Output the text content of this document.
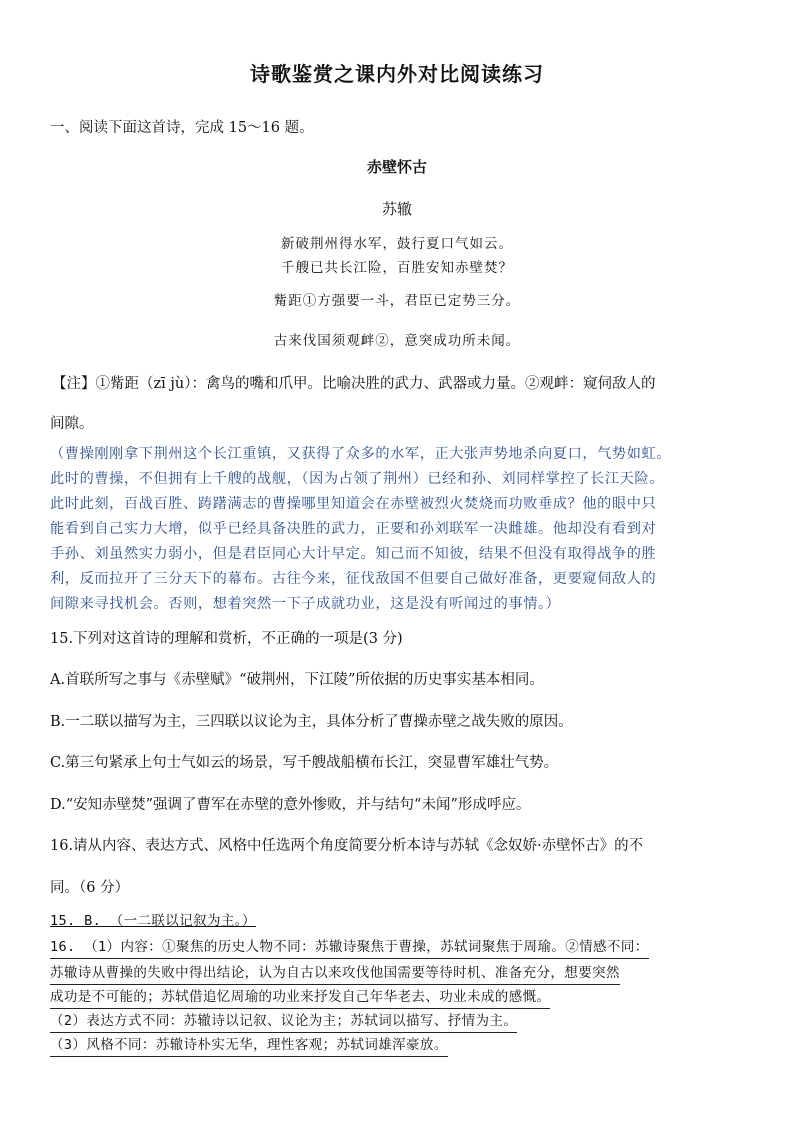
诗歌鉴赏之课内外对比阅读练习
一、阅读下面这首诗，完成 15～16 题。
赤壁怀古
苏辙
新破荆州得水军，鼓行夏口气如云。
千艘已共长江险，百胜安知赤壁焚？
觜距①方强要一斗，君臣已定势三分。
古来伐国须观衅②，意突成功所未闻。
【注】①觜距（zī jù）：禽鸟的嘴和爪甲。比喻决胜的武力、武器或力量。②观衅：窥伺敌人的
间隙。
（曹操刚刚拿下荆州这个长江重镇，又获得了众多的水军，正大张声势地杀向夏口，气势如虹。
此时的曹操，不但拥有上千艘的战舰，（因为占领了荆州）已经和孙、刘同样掌控了长江天险。
此时此刻，百战百胜、踌躇满志的曹操哪里知道会在赤壁被烈火焚烧而功败垂成？他的眼中只
能看到自己实力大增，似乎已经具备决胜的武力，正要和孙刘联军一决雌雄。他却没有看到对
手孙、刘虽然实力弱小，但是君臣同心大计早定。知己而不知彼，结果不但没有取得战争的胜
利，反而拉开了三分天下的幕布。古往今来，征伐敌国不但要自己做好准备，更要窥伺敌人的
间隙来寻找机会。否则，想着突然一下子成就功业，这是没有听闻过的事情。）
15.下列对这首诗的理解和赏析，不正确的一项是(3 分)
A.首联所写之事与《赤壁赋》“破荆州，下江陵”所依据的历史事实基本相同。
B.一二联以描写为主，三四联以议论为主，具体分析了曹操赤壁之战失败的原因。
C.第三句紧承上句士气如云的场景，写千艘战船横布长江，突显曹军雄壮气势。
D.“安知赤壁焚”强调了曹军在赤壁的意外惨败，并与结句“未闻”形成呼应。
16.请从内容、表达方式、风格中任选两个角度简要分析本诗与苏轼《念奴娇·赤壁怀古》的不
同。（6 分）
15. B. （一二联以记叙为主。）
16. （1）内容：①聚焦的历史人物不同：苏辙诗聚焦于曹操，苏轼词聚焦于周瑜。②情感不同：
苏辙诗从曹操的失败中得出结论，认为自古以来攻伐他国需要等待时机、准备充分，想要突然
成功是不可能的；苏轼借追忆周瑜的功业来抒发自己年华老去、功业未成的感慨。
（2）表达方式不同：苏辙诗以记叙、议论为主；苏轼词以描写、抒情为主。
（3）风格不同：苏辙诗朴实无华，理性客观；苏轼词雄浑豪放。
